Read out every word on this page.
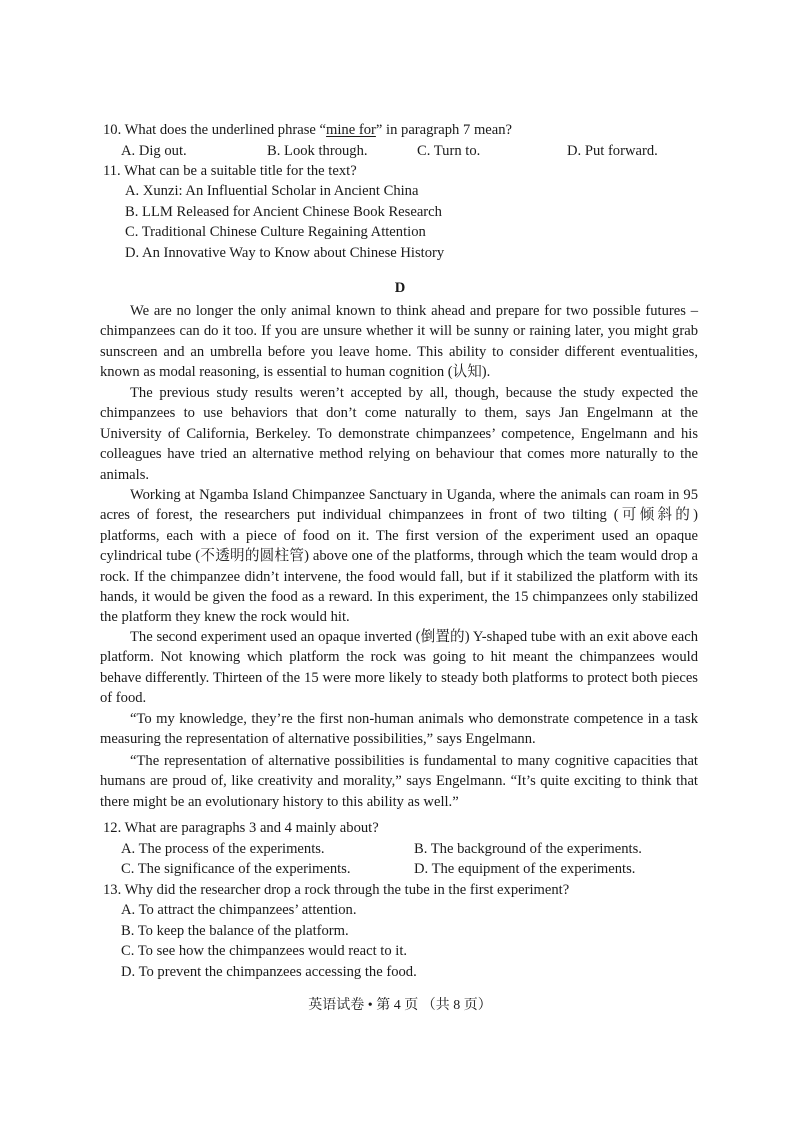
10. What does the underlined phrase “mine for” in paragraph 7 mean?

A. Dig out.	B. Look through.	C. Turn to.	D. Put forward.

11. What can be a suitable title for the text?

A. Xunzi: An Influential Scholar in Ancient China

B. LLM Released for Ancient Chinese Book Research

C. Traditional Chinese Culture Regaining Attention

D. An Innovative Way to Know about Chinese History

D

We are no longer the only animal known to think ahead and prepare for two possible futures – chimpanzees can do it too. If you are unsure whether it will be sunny or raining later, you might grab sunscreen and an umbrella before you leave home. This ability to consider different eventualities, known as modal reasoning, is essential to human cognition (认知).

The previous study results weren’t accepted by all, though, because the study expected the chimpanzees to use behaviors that don’t come naturally to them, says Jan Engelmann at the University of California, Berkeley. To demonstrate chimpanzees’ competence, Engelmann and his colleagues have tried an alternative method relying on behaviour that comes more naturally to the animals.

Working at Ngamba Island Chimpanzee Sanctuary in Uganda, where the animals can roam in 95 acres of forest, the researchers put individual chimpanzees in front of two tilting (可倾斜的) platforms, each with a piece of food on it. The first version of the experiment used an opaque cylindrical tube (不透明的圆柱管) above one of the platforms, through which the team would drop a rock. If the chimpanzee didn’t intervene, the food would fall, but if it stabilized the platform with its hands, it would be given the food as a reward. In this experiment, the 15 chimpanzees only stabilized the platform they knew the rock would hit.

The second experiment used an opaque inverted (倒置的) Y-shaped tube with an exit above each platform. Not knowing which platform the rock was going to hit meant the chimpanzees would behave differently. Thirteen of the 15 were more likely to steady both platforms to protect both pieces of food.

“To my knowledge, they’re the first non-human animals who demonstrate competence in a task measuring the representation of alternative possibilities,” says Engelmann.

“The representation of alternative possibilities is fundamental to many cognitive capacities that humans are proud of, like creativity and morality,” says Engelmann. “It’s quite exciting to think that there might be an evolutionary history to this ability as well.”

12. What are paragraphs 3 and 4 mainly about?

A. The process of the experiments.	B. The background of the experiments.

C. The significance of the experiments.	D. The equipment of the experiments.

13. Why did the researcher drop a rock through the tube in the first experiment?

A. To attract the chimpanzees’ attention.

B. To keep the balance of the platform.

C. To see how the chimpanzees would react to it.

D. To prevent the chimpanzees accessing the food.

英语试卷 • 第 4 页 （共 8 页）
